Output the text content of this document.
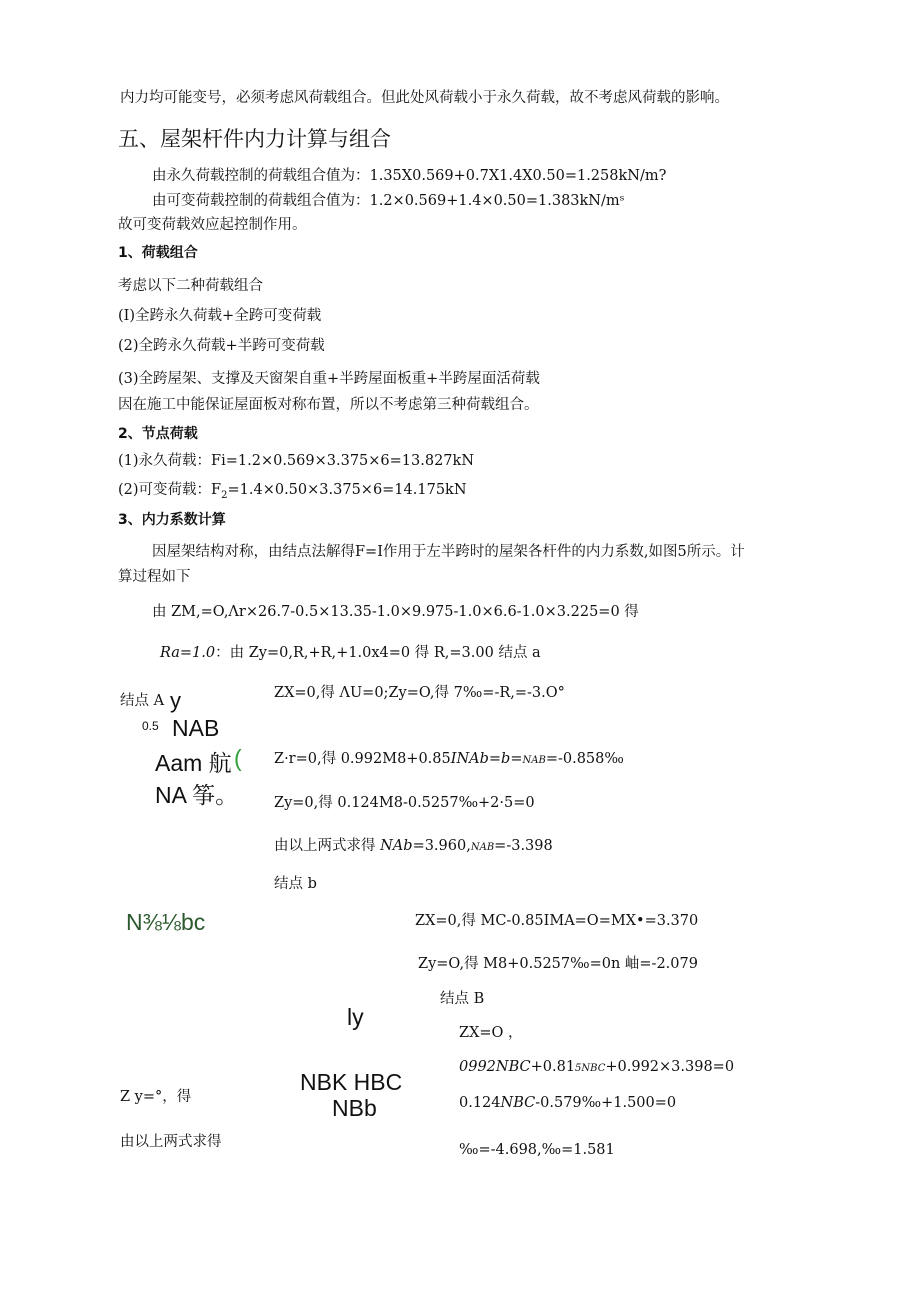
内力均可能变号，必须考虑风荷载组合。但此处风荷载小于永久荷载，故不考虑风荷载的影响。
五、屋架杆件内力计算与组合
由永久荷载控制的荷载组合值为：1.35X0.569+0.7X1.4X0.50=1.258kN/m?
由可变荷载控制的荷载组合值为：1.2×0.569+1.4×0.50=1.383kN∕mˢ
故可变荷载效应起控制作用。
1、荷载组合
考虑以下二种荷载组合
(I)全跨永久荷载+全跨可变荷载
(2)全跨永久荷载+半跨可变荷载
(3)全跨屋架、支撑及天窗架自重+半跨屋面板重+半跨屋面活荷载
因在施工中能保证屋面板对称布置，所以不考虑第三种荷载组合。
2、节点荷载
(1)永久荷载：Fi=1.2×0.569×3.375×6=13.827kN
(2)可变荷载：$F_2=1.4\times 0.50\times 3.375\times 6=14.175kN$
3、内力系数计算
因屋架结构对称，由结点法解得F=I作用于左半跨时的屋架各杆件的内力系数,如图5所示。计
算过程如下
由 ZM,=O,Λr×26.7-0.5×13.35-1.0×9.975-1.0×6.6-1.0×3.225=0 得
Ra=1.0：由 Zy=0,R,+R,+1.0x4=0 得 R,=3.00 结点 a
结点 A y
0.5 NAB
Aam 航 (
NA 筝。
ZX=0,得 ΛU=0;Zy=O,得 7‰=-R,=-3.O°
Z·r=0,得 0.992M8+0.85INAb=b=NAB=-0.858‰
Zy=0,得 0.124M8-0.5257‰+2·5=0
由以上两式求得 NAb=3.960,NAB=-3.398
结点 b
N⅜⅛bc	ZX=0,得 MC-0.85IMA=O=MX•=3.370
Zy=O,得 M8+0.5257‰=0n 岫=-2.079
结点 B
ly
ZX=O ，
0992NBC+0.815NBC+0.992×3.398=0
NBK HBC
NBb
Z y=°，得	0.124NBC-0.579‰+1.500=0
由以上两式求得	‰=-4.698,‰=1.581
